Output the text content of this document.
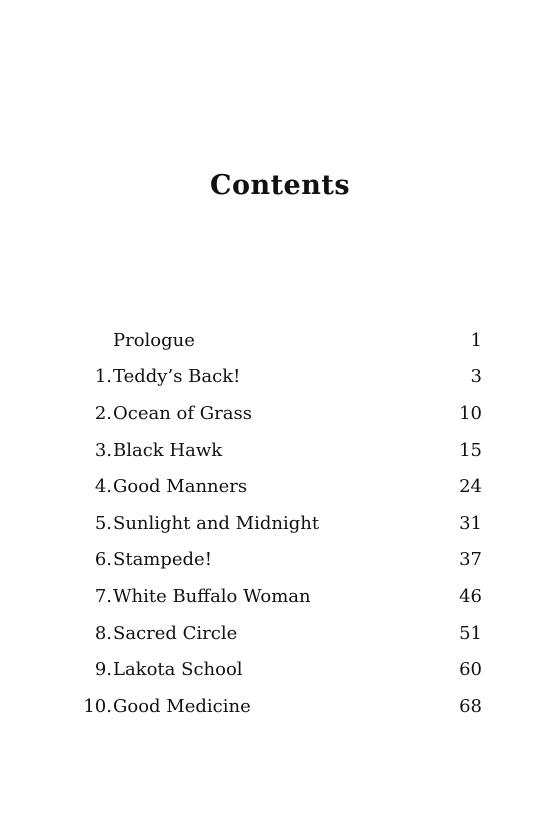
Contents
Prologue	1
1. Teddy’s Back!	3
2. Ocean of Grass	10
3. Black Hawk	15
4. Good Manners	24
5. Sunlight and Midnight	31
6. Stampede!	37
7. White Buffalo Woman	46
8. Sacred Circle	51
9. Lakota School	60
10. Good Medicine	68
